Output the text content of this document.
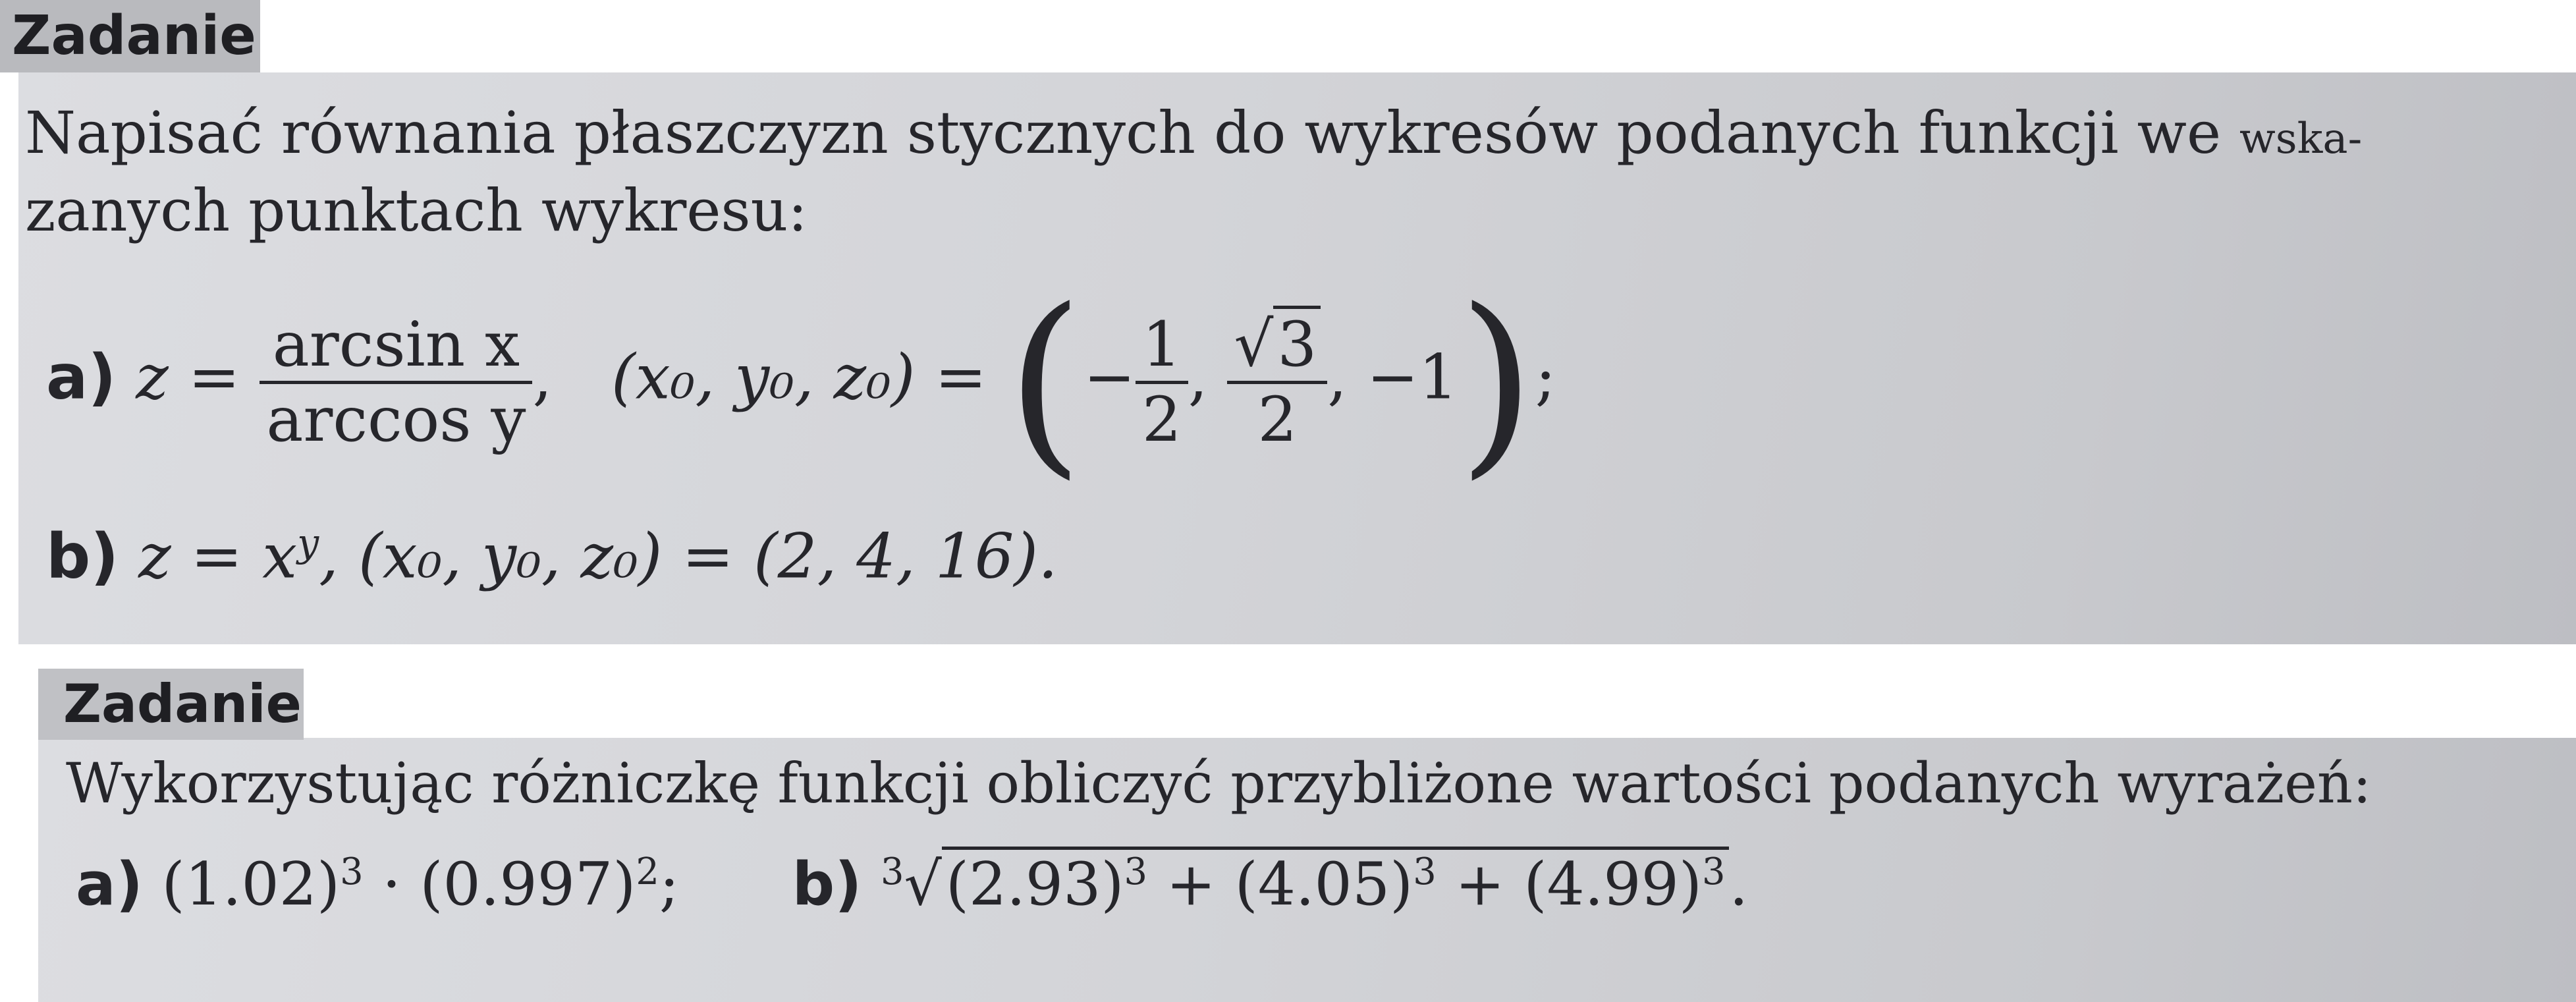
Zadanie
Napisać równania płaszczyzn stycznych do wykresów podanych funkcji we wska-
zanych punktach wykresu:
a) $z = \frac{\text{arcsin x}}{\text{arccos y}}$ , (x₀, y₀, z₀) = (− $\frac{1}{2}$ , $\frac{√3}{2}$ , −1);
b) $z = x^y$, (x₀, y₀, z₀) = (2, 4, 16).
Zadanie
Wykorzystując różniczkę funkcji obliczyć przybliżone wartości podanych wyrażeń:
a) $(1.02)^3 \cdot (0.997)^2$; b) $^3√(2.93)^3 + (4.05)^3 + (4.99)^3$.
